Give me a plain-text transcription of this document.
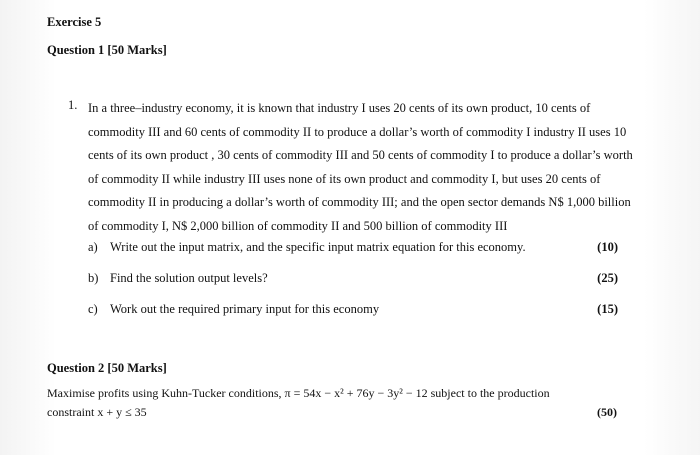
Exercise 5
Question 1 [50 Marks]
1. In a three–industry economy, it is known that industry I uses 20 cents of its own product, 10 cents of
commodity III and 60 cents of commodity II to produce a dollar’s worth of commodity I industry II uses 10
cents of its own product , 30 cents of commodity III and 50 cents of commodity I to produce a dollar’s worth
of commodity II while industry III uses none of its own product and commodity I, but uses 20 cents of
commodity II in producing a dollar’s worth of commodity III; and the open sector demands N$ 1,000 billion
of commodity I, N$ 2,000 billion of commodity II and 500 billion of commodity III
a) Write out the input matrix, and the specific input matrix equation for this economy.	(10)
b) Find the solution output levels?	(25)
c) Work out the required primary input for this economy	(15)
Question 2 [50 Marks]
Maximise profits using Kuhn-Tucker conditions, π = 54x − x² + 76y − 3y² − 12 subject to the production
constraint x + y ≤ 35	(50)
